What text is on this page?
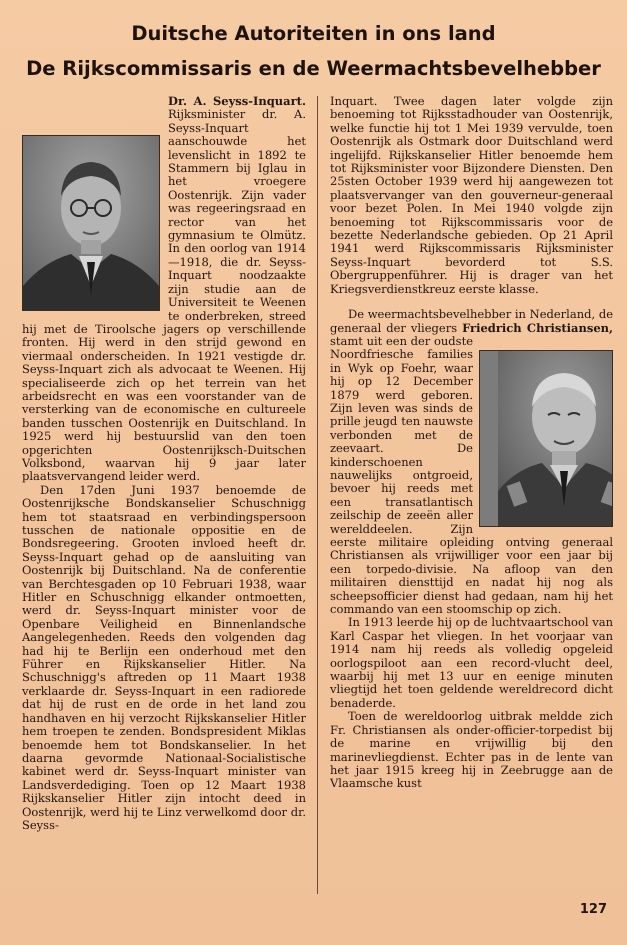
Duitsche Autoriteiten in ons land
De Rijkscommissaris en de Weermachtsbevelhebber

Dr. A. Seyss-Inquart. Rijksminister dr. A. Seyss-Inquart aanschouwde het levenslicht in 1892 te Stammern bij Iglau in het vroegere Oostenrijk. Zijn vader was regeeringsraad en rector van het gymnasium te Olmütz. In den oorlog van 1914—1918, die dr. Seyss-Inquart noodzaakte zijn studie aan de Universiteit te Weenen te onderbreken, streed hij met de Tiroolsche jagers op verschillende fronten. Hij werd in den strijd gewond en viermaal onderscheiden. In 1921 vestigde dr. Seyss-Inquart zich als advocaat te Weenen. Hij specialiseerde zich op het terrein van het arbeidsrecht en was een voorstander van de versterking van de economische en cultureele banden tusschen Oostenrijk en Duitschland. In 1925 werd hij bestuurslid van den toen opgerichten Oostenrijksch-Duitschen Volksbond, waarvan hij 9 jaar later plaatsvervangend leider werd.

Den 17den Juni 1937 benoemde de Oostenrijksche Bondskanselier Schuschnigg hem tot staatsraad en verbindingspersoon tusschen de nationale oppositie en de Bondsregeering. Grooten invloed heeft dr. Seyss-Inquart gehad op de aansluiting van Oostenrijk bij Duitschland. Na de conferentie van Berchtesgaden op 10 Februari 1938, waar Hitler en Schuschnigg elkander ontmoetten, werd dr. Seyss-Inquart minister voor de Openbare Veiligheid en Binnenlandsche Aangelegenheden. Reeds den volgenden dag had hij te Berlijn een onderhoud met den Führer en Rijkskanselier Hitler. Na Schuschnigg's aftreden op 11 Maart 1938 verklaarde dr. Seyss-Inquart in een radiorede dat hij de rust en de orde in het land zou handhaven en hij verzocht Rijkskanselier Hitler hem troepen te zenden. Bondspresident Miklas benoemde hem tot Bondskanselier. In het daarna gevormde Nationaal-Socialistische kabinet werd dr. Seyss-Inquart minister van Landsverdediging. Toen op 12 Maart 1938 Rijkskanselier Hitler zijn intocht deed in Oostenrijk, werd hij te Linz verwelkomd door dr. Seyss-

Inquart. Twee dagen later volgde zijn benoeming tot Rijksstadhouder van Oostenrijk, welke functie hij tot 1 Mei 1939 vervulde, toen Oostenrijk als Ostmark door Duitschland werd ingelijfd. Rijkskanselier Hitler benoemde hem tot Rijksminister voor Bijzondere Diensten. Den 25sten October 1939 werd hij aangewezen tot plaatsvervanger van den gouverneur-generaal voor bezet Polen. In Mei 1940 volgde zijn benoeming tot Rijkscommissaris voor de bezette Nederlandsche gebieden. Op 21 April 1941 werd Rijkscommissaris Rijksminister Seyss-Inquart bevorderd tot S.S. Obergruppenführer. Hij is drager van het Kriegsverdienstkreuz eerste klasse.

De weermachtsbevelhebber in Nederland, de generaal der vliegers Friedrich Christiansen,
stamt uit een der oudste Noordfriesche families in Wyk op Foehr, waar hij op 12 December 1879 werd geboren. Zijn leven was sinds de prille jeugd ten nauwste verbonden met de zeevaart. De kinderschoenen nauwelijks ontgroeid, bevoer hij reeds met een transatlantisch zeilschip de zeeën aller werelddeelen. Zijn eerste militaire opleiding ontving generaal Christiansen als vrijwilliger voor een jaar bij een torpedo-divisie. Na afloop van den militairen diensttijd en nadat hij nog als scheepsofficier dienst had gedaan, nam hij het commando van een stoomschip op zich.

In 1913 leerde hij op de luchtvaartschool van Karl Caspar het vliegen. In het voorjaar van 1914 nam hij reeds als volledig opgeleid oorlogspiloot aan een record-vlucht deel, waarbij hij met 13 uur en eenige minuten vliegtijd het toen geldende wereldrecord dicht benaderde.

Toen de wereldoorlog uitbrak meldde zich Fr. Christiansen als onder-officier-torpedist bij de marine en vrijwillig bij den marinevliegdienst. Echter pas in de lente van het jaar 1915 kreeg hij in Zeebrugge aan de Vlaamsche kust

127
